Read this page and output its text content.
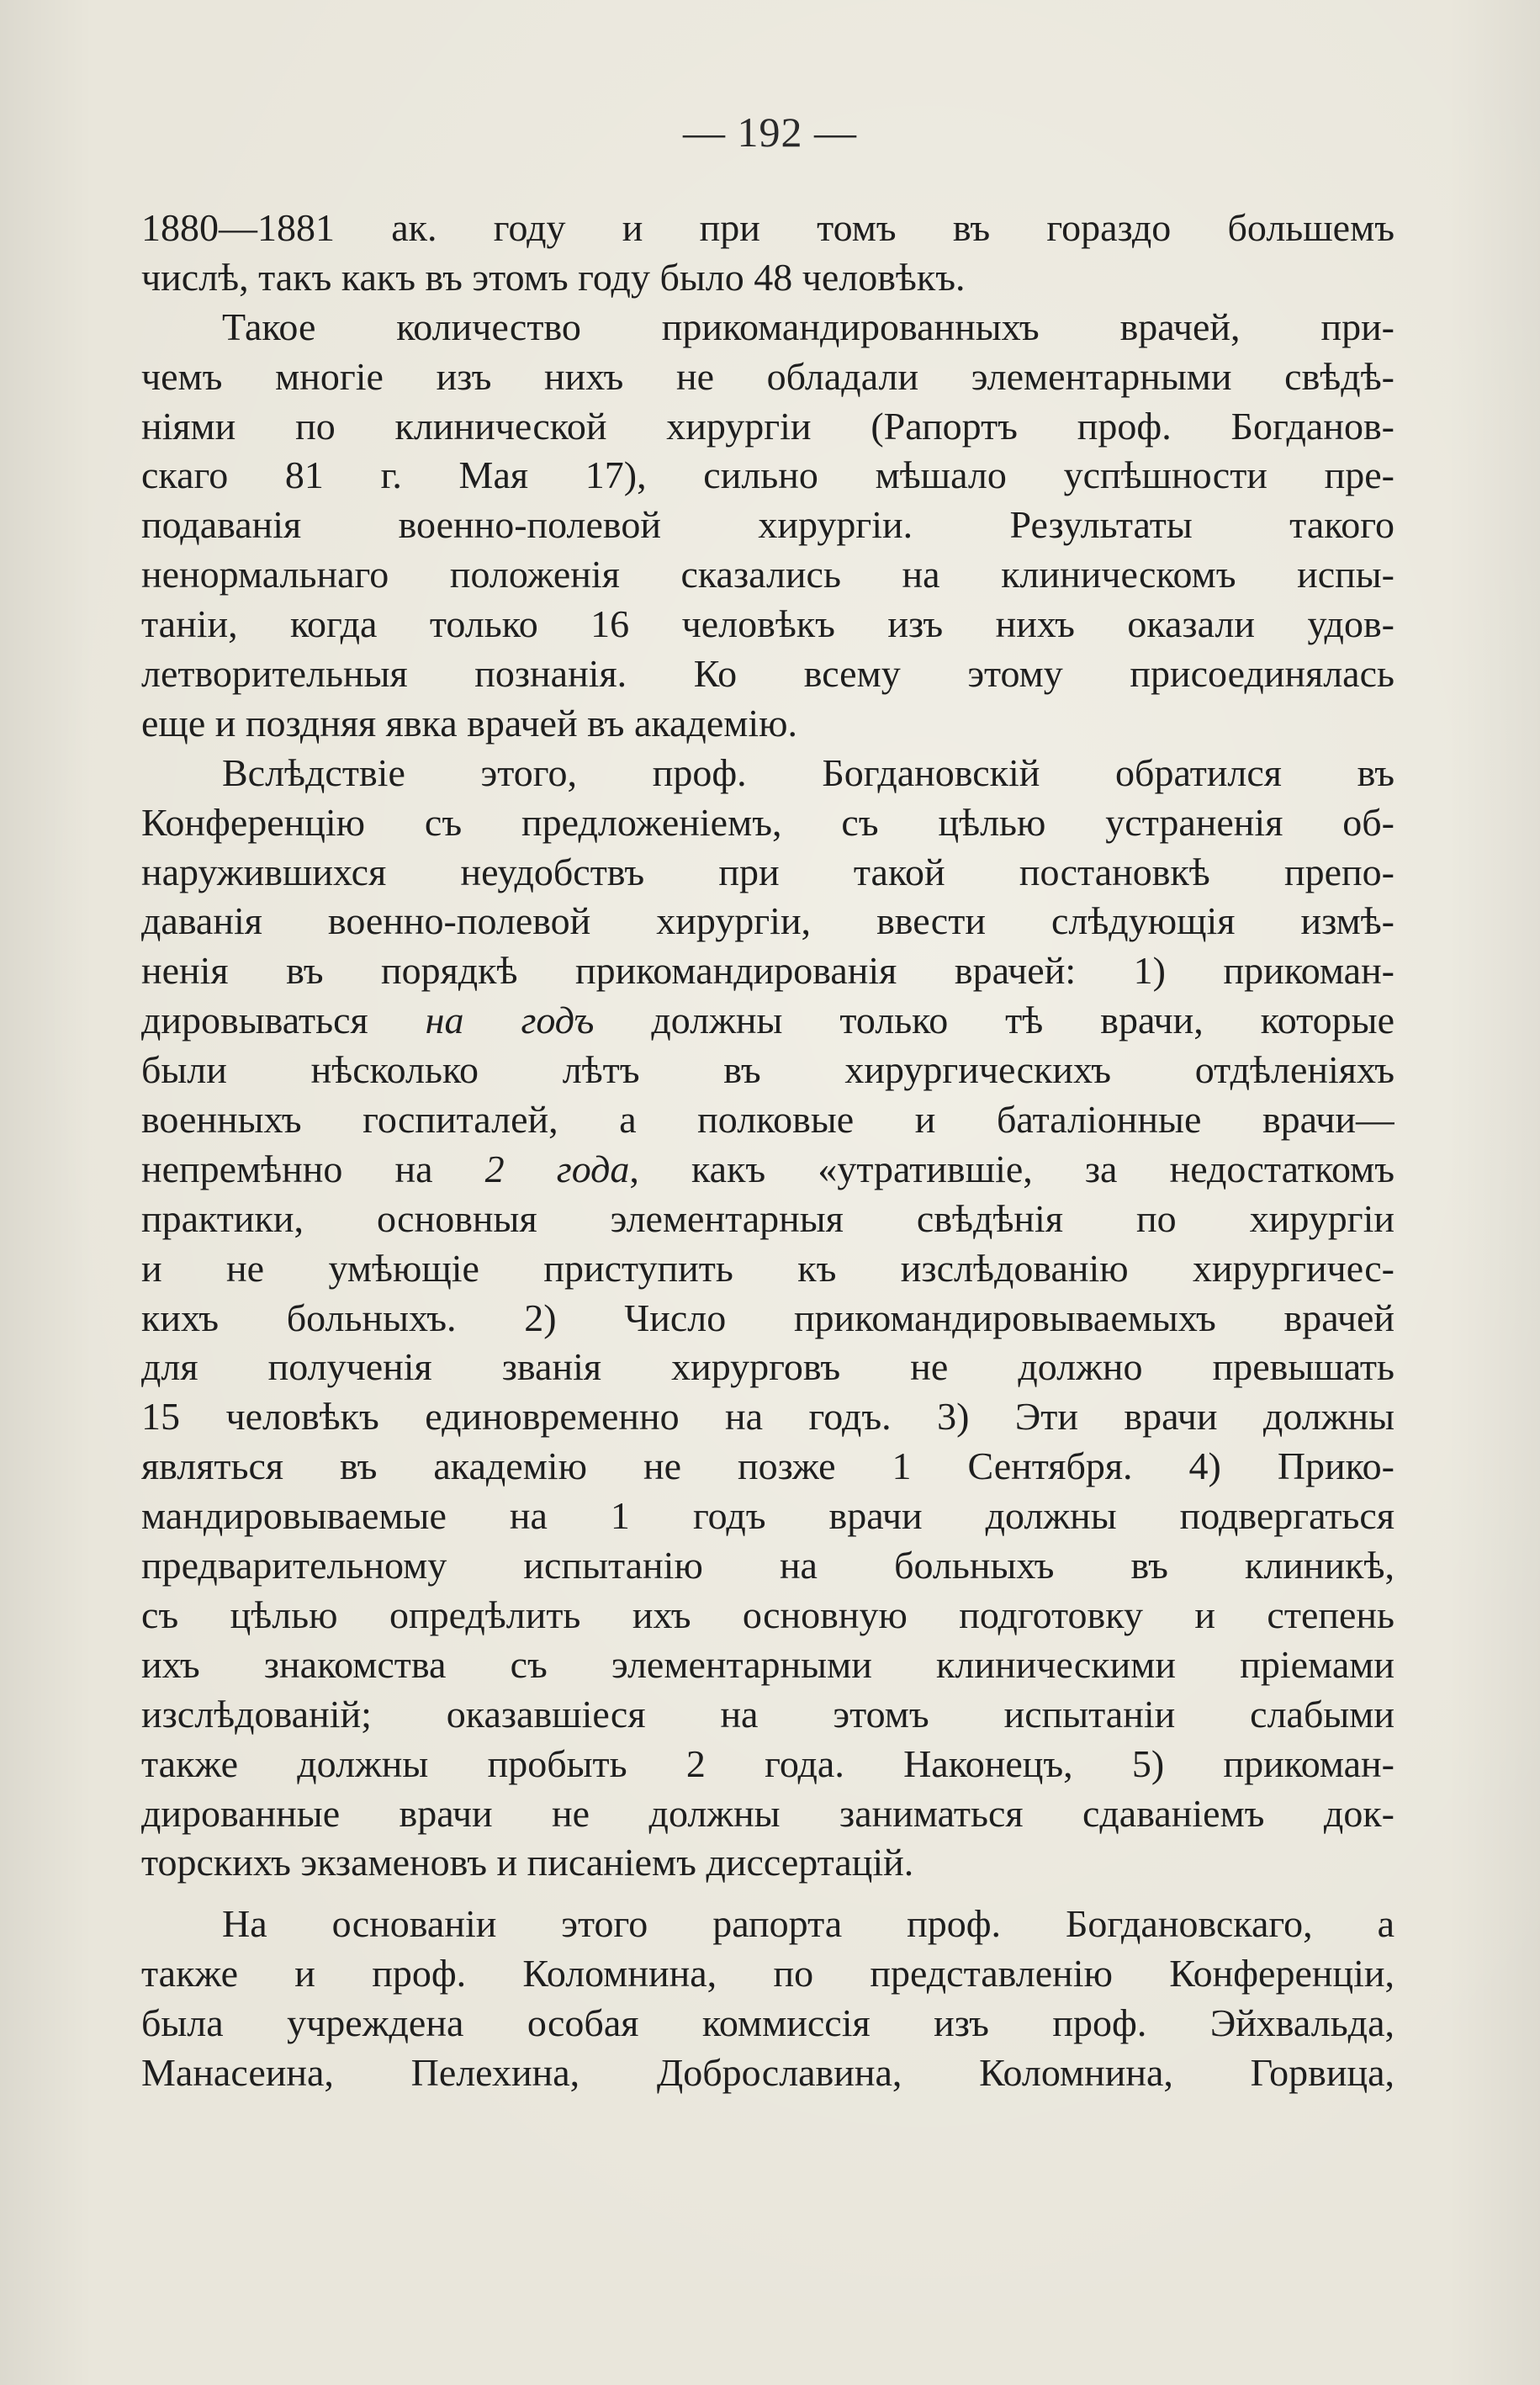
— 192 —

1880—1881 ак. году и при томъ въ гораздо большемъ
числѣ, такъ какъ въ этомъ году было 48 человѣкъ.

Такое количество прикомандированныхъ врачей, при-
чемъ многіе изъ нихъ не обладали элементарными свѣдѣ-
ніями по клинической хирургіи (Рапортъ проф. Богданов-
скаго 81 г. Мая 17), сильно мѣшало успѣшности пре-
подаванія военно-полевой хирургіи. Результаты такого
ненормальнаго положенія сказались на клиническомъ испы-
таніи, когда только 16 человѣкъ изъ нихъ оказали удов-
летворительныя познанія. Ко всему этому присоединялась
еще и поздняя явка врачей въ академію.

Вслѣдствіе этого, проф. Богдановскій обратился въ
Конференцію съ предложеніемъ, съ цѣлью устраненія об-
наружившихся неудобствъ при такой постановкѣ препо-
даванія военно-полевой хирургіи, ввести слѣдующія измѣ-
ненія въ порядкѣ прикомандированія врачей: 1) прикоман-
дировываться на годъ должны только тѣ врачи, которые
были нѣсколько лѣтъ въ хирургическихъ отдѣленіяхъ
военныхъ госпиталей, а полковые и баталіонные врачи—
непремѣнно на 2 года, какъ «утратившіе, за недостаткомъ
практики, основныя элементарныя свѣдѣнія по хирургіи
и не умѣющіе приступить къ изслѣдованію хирургичес-
кихъ больныхъ. 2) Число прикомандировываемыхъ врачей
для полученія званія хирурговъ не должно превышать
15 человѣкъ единовременно на годъ. 3) Эти врачи должны
являться въ академію не позже 1 Сентября. 4) Прико-
мандировываемые на 1 годъ врачи должны подвергаться
предварительному испытанію на больныхъ въ клиникѣ,
съ цѣлью опредѣлить ихъ основную подготовку и степень
ихъ знакомства съ элементарными клиническими пріемами
изслѣдованій; оказавшіеся на этомъ испытаніи слабыми
также должны пробыть 2 года. Наконецъ, 5) прикоман-
дированные врачи не должны заниматься сдаваніемъ док-
торскихъ экзаменовъ и писаніемъ диссертацій.

На основаніи этого рапорта проф. Богдановскаго, а
также и проф. Коломнина, по представленію Конференціи,
была учреждена особая коммиссія изъ проф. Эйхвальда,
Манасеина, Пелехина, Доброславина, Коломнина, Горвица,
